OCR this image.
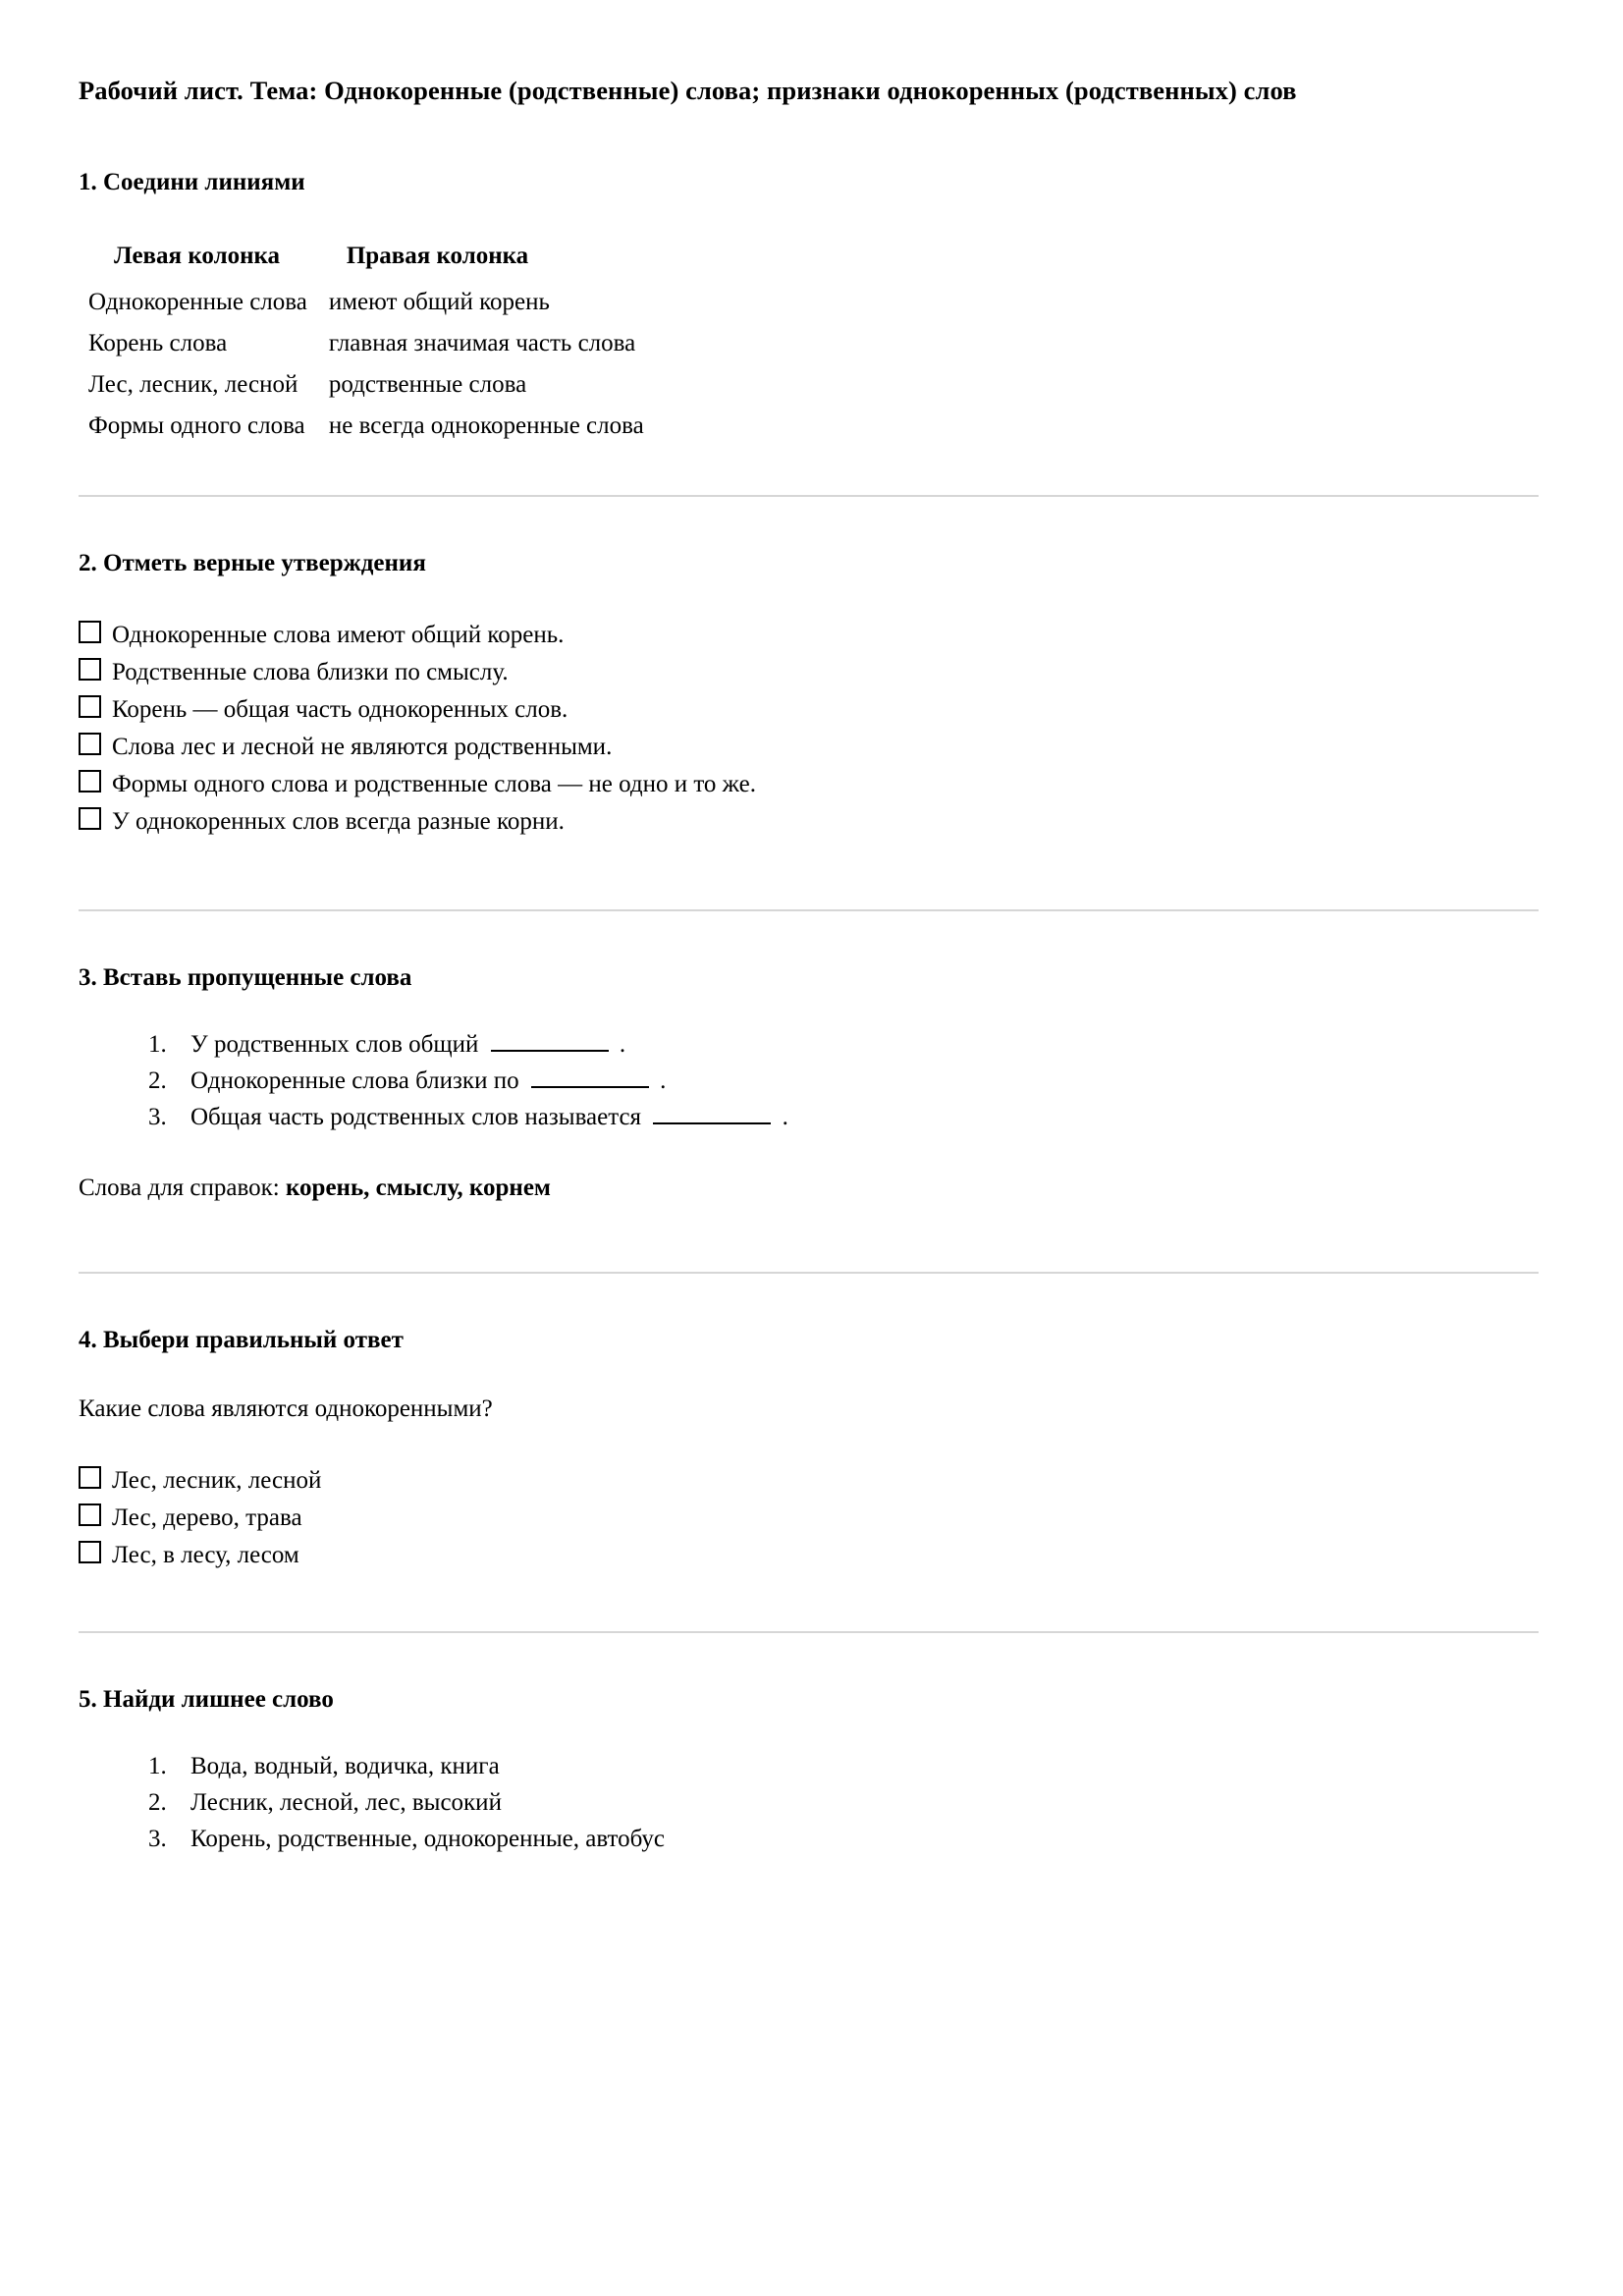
Рабочий лист. Тема: Однокоренные (родственные) слова; признаки однокоренных (родственных) слов
1. Соедини линиями
Левая колонка	Правая колонка
Однокоренные слова	имеют общий корень
Корень слова	главная значимая часть слова
Лес, лесник, лесной	родственные слова
Формы одного слова	не всегда однокоренные слова
2. Отметь верные утверждения
Однокоренные слова имеют общий корень.
Родственные слова близки по смыслу.
Корень — общая часть однокоренных слов.
Слова лес и лесной не являются родственными.
Формы одного слова и родственные слова — не одно и то же.
У однокоренных слов всегда разные корни.
3. Вставь пропущенные слова
1. У родственных слов общий	.
2. Однокоренные слова близки по	.
3. Общая часть родственных слов называется	.

Слова для справок: корень, смыслу, корнем

4. Выбери правильный ответ

Какие слова являются однокоренными?

Лес, лесник, лесной
Лес, дерево, трава
Лес, в лесу, лесом
5. Найди лишнее слово
1. Вода, водный, водичка, книга
2. Лесник, лесной, лес, высокий
3. Корень, родственные, однокоренные, автобус
